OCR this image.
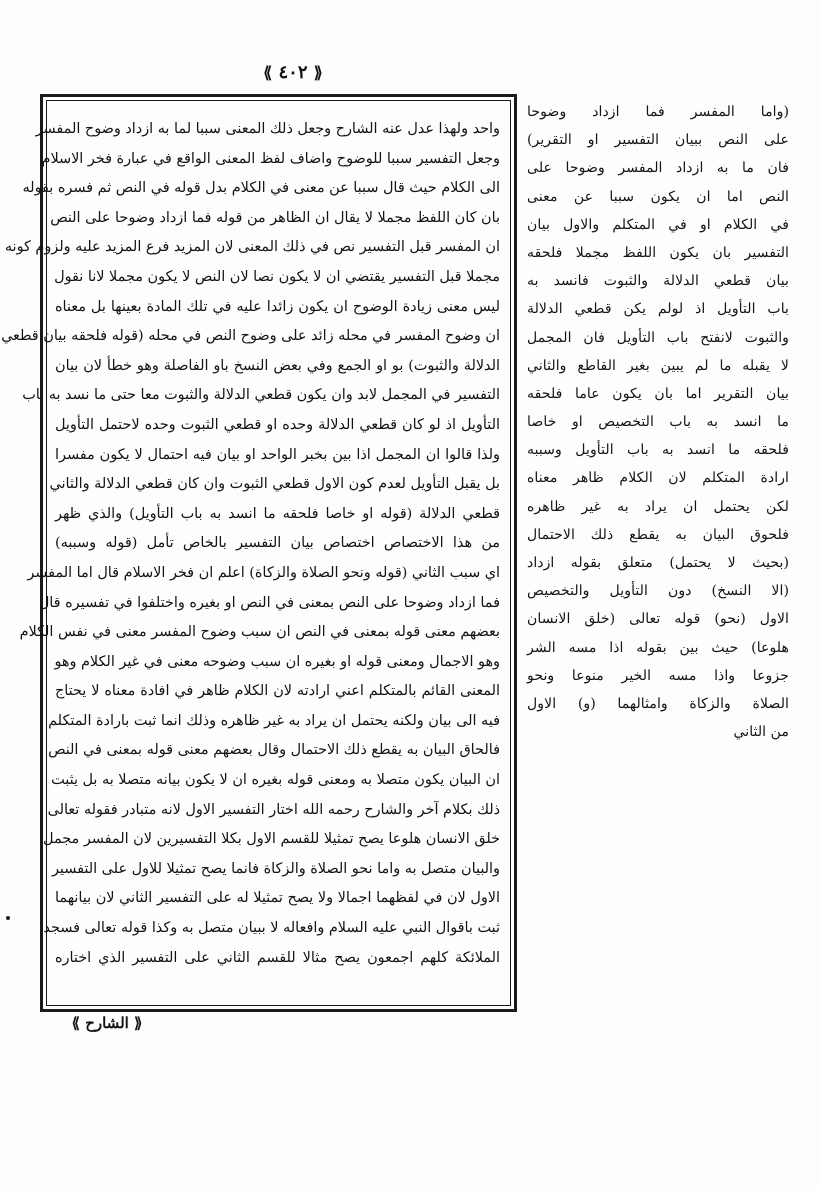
⟪ ٤٠٢ ⟫
واحد ولهذا عدل عنه الشارح وجعل ذلك المعنى سببا لما به ازداد وضوح المفسر
وجعل التفسير سببا للوضوح واضاف لفظ المعنى الواقع في عبارة فخر الاسلام
الى الكلام حيث قال سببا عن معنى في الكلام بدل قوله في النص ثم فسره بقوله
بان كان اللفظ مجملا لا يقال ان الظاهر من قوله فما ازداد وضوحا على النص
ان المفسر قبل التفسير نص في ذلك المعنى لان المزيد فرع المزيد عليه ولزوم كونه
مجملا قبل التفسير يقتضي ان لا يكون نصا لان النص لا يكون مجملا لانا نقول
ليس معنى زيادة الوضوح ان يكون زائدا عليه في تلك المادة بعينها بل معناه
ان وضوح المفسر في محله زائد على وضوح النص في محله (قوله فلحقه بيان قطعي
الدلالة والثبوت) بو او الجمع وفي بعض النسخ باو الفاصلة وهو خطأ لان بيان
التفسير في المجمل لابد وان يكون قطعي الدلالة والثبوت معا حتى ما نسد به باب
التأويل اذ لو كان قطعي الدلالة وحده او قطعي الثبوت وحده لاحتمل التأويل
ولذا قالوا ان المجمل اذا بين بخبر الواحد او بيان فيه احتمال لا يكون مفسرا
بل يقبل التأويل لعدم كون الاول قطعي الثبوت وان كان قطعي الدلالة والثاني
قطعي الدلالة (قوله او خاصا فلحقه ما انسد به باب التأويل) والذي ظهر
من هذا الاختصاص اختصاص بيان التفسير بالخاص تأمل (قوله وسببه)
اي سبب الثاني (قوله ونحو الصلاة والزكاة) اعلم ان فخر الاسلام قال اما المفسر
فما ازداد وضوحا على النص بمعنى في النص او بغيره واختلفوا في تفسيره قال
بعضهم معنى قوله بمعنى في النص ان سبب وضوح المفسر معنى في نفس الكلام
وهو الاجمال ومعنى قوله او بغيره ان سبب وضوحه معنى في غير الكلام وهو
المعنى القائم بالمتكلم اعني ارادته لان الكلام ظاهر في افادة معناه لا يحتاج
فيه الى بيان ولكنه يحتمل ان يراد به غير ظاهره وذلك انما ثبت بارادة المتكلم
فالحاق البيان به يقطع ذلك الاحتمال وقال بعضهم معنى قوله بمعنى في النص
ان البيان يكون متصلا به ومعنى قوله بغيره ان لا يكون بيانه متصلا به بل يثبت
ذلك بكلام آخر والشارح رحمه الله اختار التفسير الاول لانه متبادر فقوله تعالى
خلق الانسان هلوعا يصح تمثيلا للقسم الاول بكلا التفسيرين لان المفسر مجمل
والبيان متصل به واما نحو الصلاة والزكاة فانما يصح تمثيلا للاول على التفسير
الاول لان في لفظهما اجمالا ولا يصح تمثيلا له على التفسير الثاني لان بيانهما
ثبت باقوال النبي عليه السلام وافعاله لا ببيان متصل به وكذا قوله تعالى فسجد
الملائكة كلهم اجمعون يصح مثالا للقسم الثاني على التفسير الذي اختاره
(واما المفسر فما ازداد وضوحا
على النص ببيان التفسير او التقرير)
فان ما به ازداد المفسر وضوحا على
النص اما ان يكون سببا عن معنى
في الكلام او في المتكلم والاول بيان
التفسير بان يكون اللفظ مجملا فلحقه
بيان قطعي الدلالة والثبوت فانسد به
باب التأويل اذ لولم يكن قطعي الدلالة
والثبوت لانفتح باب التأويل فان المجمل
لا يقبله ما لم يبين بغير القاطع والثاني
بيان التقرير اما بان يكون عاما فلحقه
ما انسد به باب التخصيص او خاصا
فلحقه ما انسد به باب التأويل وسببه
ارادة المتكلم لان الكلام ظاهر معناه
لكن يحتمل ان يراد به غير ظاهره
فلحوق البيان به يقطع ذلك الاحتمال
(بحيث لا يحتمل) متعلق بقوله ازداد
(الا النسخ) دون التأويل والتخصيص
الاول (نحو) قوله تعالى (خلق الانسان
هلوعا) حيث بين بقوله اذا مسه الشر
جزوعا واذا مسه الخير منوعا ونحو
الصلاة والزكاة وامثالهما (و) الاول
من الثاني
⟪ الشارح ⟫
